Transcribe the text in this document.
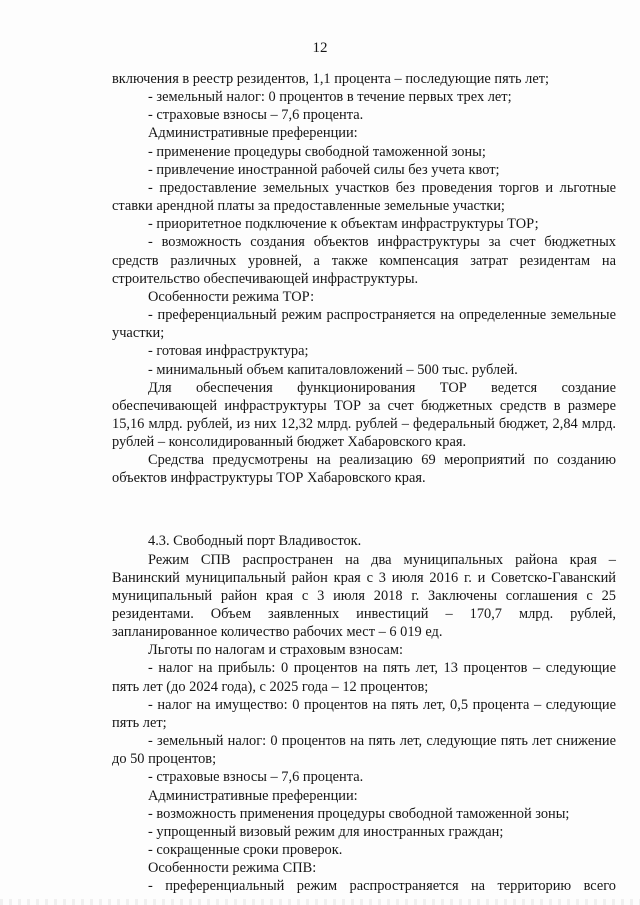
12

включения в реестр резидентов, 1,1 процента – последующие пять лет;

- земельный налог: 0 процентов в течение первых трех лет;

- страховые взносы – 7,6 процента.

Административные преференции:

- применение процедуры свободной таможенной зоны;

- привлечение иностранной рабочей силы без учета квот;

- предоставление земельных участков без проведения торгов и льготные ставки арендной платы за предоставленные земельные участки;

- приоритетное подключение к объектам инфраструктуры ТОР;

- возможность создания объектов инфраструктуры за счет бюджетных средств различных уровней, а также компенсация затрат резидентам на строительство обеспечивающей инфраструктуры.

Особенности режима ТОР:

- преференциальный режим распространяется на определенные земельные участки;

- готовая инфраструктура;

- минимальный объем капиталовложений – 500 тыс. рублей.

Для обеспечения функционирования ТОР ведется создание обеспечивающей инфраструктуры ТОР за счет бюджетных средств в размере 15,16 млрд. рублей, из них 12,32 млрд. рублей – федеральный бюджет, 2,84 млрд. рублей – консолидированный бюджет Хабаровского края.

Средства предусмотрены на реализацию 69 мероприятий по созданию объектов инфраструктуры ТОР Хабаровского края.

4.3. Свободный порт Владивосток.

Режим СПВ распространен на два муниципальных района края – Ванинский муниципальный район края с 3 июля 2016 г. и Советско-Гаванский муниципальный район края с 3 июля 2018 г. Заключены соглашения с 25 резидентами. Объем заявленных инвестиций – 170,7 млрд. рублей, запланированное количество рабочих мест – 6 019 ед.

Льготы по налогам и страховым взносам:

- налог на прибыль: 0 процентов на пять лет, 13 процентов – следующие пять лет (до 2024 года), с 2025 года – 12 процентов;

- налог на имущество: 0 процентов на пять лет, 0,5 процента – следующие пять лет;

- земельный налог: 0 процентов на пять лет, следующие пять лет снижение до 50 процентов;

- страховые взносы – 7,6 процента.

Административные преференции:

- возможность применения процедуры свободной таможенной зоны;

- упрощенный визовый режим для иностранных граждан;

- сокращенные сроки проверок.

Особенности режима СПВ:

- преференциальный режим распространяется на территорию всего
